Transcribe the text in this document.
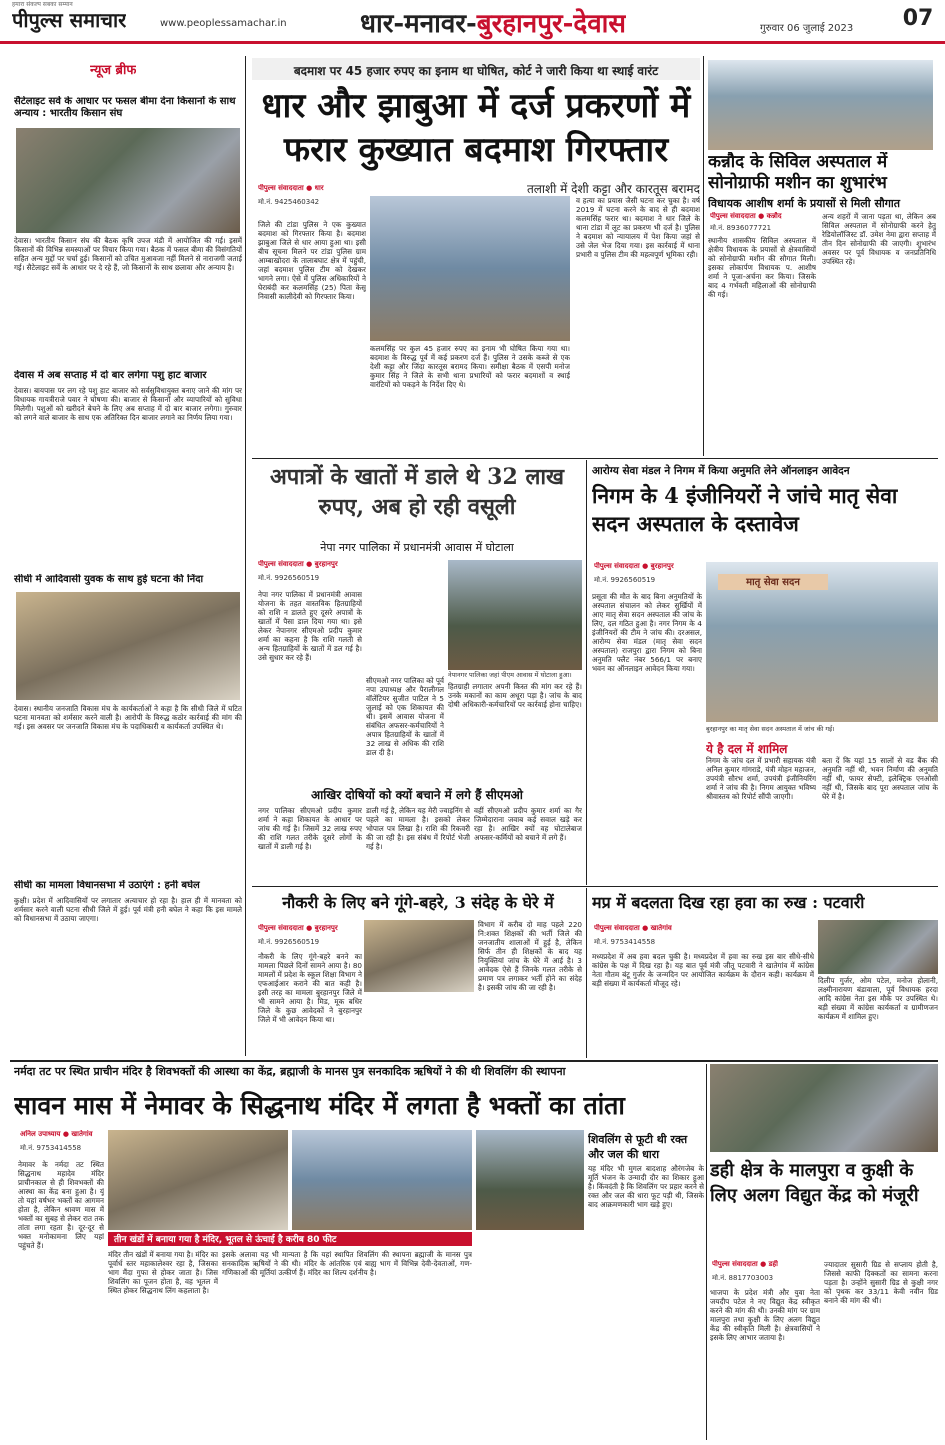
हमारा संकल्प सबका सम्मान
पीपुल्स समाचार	www.peoplessamachar.in	धार-मनावर-बुरहानपुर-देवास	गुरुवार 06 जुलाई 2023 07
न्यूज ब्रीफ
सैटेलाइट सर्वे के आधार पर फसल बीमा देना किसानों के साथ अन्याय : भारतीय किसान संघ
देवास। भारतीय किसान संघ की बैठक कृषि उपज मंडी में आयोजित की गई। इसमें किसानों की विभिन्न समस्याओं पर विचार किया गया। बैठक में फसल बीमा की विसंगतियों सहित अन्य मुद्दों पर चर्चा हुई। किसानों को उचित मुआवजा नहीं मिलने से नाराजगी जताई गई। सैटेलाइट सर्वे के आधार पर दे रहे हैं, जो किसानों के साथ छलावा और अन्याय है।
देवास में अब सप्ताह में दो बार लगेगा पशु हाट बाजार
देवास। बायपास पर लग रहे पशु हाट बाजार को सर्वसुविधायुक्त बनाए जाने की मांग पर विधायक गायत्रीराजे पवार ने घोषणा की। बाजार से किसानों और व्यापारियों को सुविधा मिलेगी। पशुओं को खरीदने बेचने के लिए अब सप्ताह में दो बार बाजार लगेगा। गुरुवार को लगने वाले बाजार के साथ एक अतिरिक्त दिन बाजार लगाने का निर्णय लिया गया।
सीधी में आदिवासी युवक के साथ हुई घटना की निंदा
देवास। स्थानीय जनजाति विकास मंच के कार्यकर्ताओं ने कहा है कि सीधी जिले में घटित घटना मानवता को शर्मसार करने वाली है। आरोपी के विरुद्ध कठोर कार्रवाई की मांग की गई। इस अवसर पर जनजाति विकास मंच के पदाधिकारी व कार्यकर्ता उपस्थित थे।
सीधी का मामला विधानसभा में उठाएंगे : हनी बघेल
कुक्षी। प्रदेश में आदिवासियों पर लगातार अत्याचार हो रहा है। हाल ही में मानवता को शर्मसार करने वाली घटना सीधी जिले में हुई। पूर्व मंत्री हनी बघेल ने कहा कि इस मामले को विधानसभा में उठाया जाएगा।
बदमाश पर 45 हजार रुपए का इनाम था घोषित, कोर्ट ने जारी किया था स्थाई वारंट
धार और झाबुआ में दर्ज प्रकरणों में फरार कुख्यात बदमाश गिरफ्तार
तलाशी में देशी कट्टा और कारतूस बरामद
पीपुल्स संवाददाता ● धार
मो.नं. 9425460342
जिले की टांडा पुलिस ने एक कुख्यात बदमाश को गिरफ्तार किया है। बदमाश झाबुआ जिले से धार आया हुआ था। इसी बीच सूचना मिलने पर टांडा पुलिस ग्राम आम्बाखोदरा के तालाबघाट क्षेत्र में पहुंची, जहां बदमाश पुलिस टीम को देखकर भागने लगा। ऐसे में पुलिस अधिकारियों ने घेराबंदी कर कलमसिंह (25) पिता केसू निवासी कालीदेवी को गिरफ्तार किया।
कलमसिंह पर कुल 45 हजार रुपए का इनाम भी घोषित किया गया था। बदमाश के विरुद्ध पूर्व में कई प्रकरण दर्ज हैं। पुलिस ने उसके कब्जे से एक देशी कट्टा और जिंदा कारतूस बरामद किया। समीक्षा बैठक में एसपी मनोज कुमार सिंह ने जिले के सभी थाना प्रभारियों को फरार बदमाशों व स्थाई वारंटियों को पकड़ने के निर्देश दिए थे।
व हत्या का प्रयास जैसी घटना कर चुका है। वर्ष 2019 में घटना करने के बाद से ही बदमाश कलमसिंह फरार था। बदमाश ने धार जिले के थाना टांडा में लूट का प्रकरण भी दर्ज है। पुलिस ने बदमाश को न्यायालय में पेश किया जहां से उसे जेल भेज दिया गया। इस कार्रवाई में थाना प्रभारी व पुलिस टीम की महत्वपूर्ण भूमिका रही।
कन्नौद के सिविल अस्पताल में सोनोग्राफी मशीन का शुभारंभ
विधायक आशीष शर्मा के प्रयासों से मिली सौगात
पीपुल्स संवाददाता ● कन्नौद
मो.नं. 8936077721
स्थानीय शासकीय सिविल अस्पताल में क्षेत्रीय विधायक के प्रयासों से क्षेत्रवासियों को सोनोग्राफी मशीन की सौगात मिली। इसका लोकार्पण विधायक प. आशीष शर्मा ने पूजा-अर्चना कर किया। जिसके बाद 4 गर्भवती महिलाओं की सोनोग्राफी की गई।
अन्य शहरों में जाना पड़ता था, लेकिन अब सिविल अस्पताल में सोनोग्राफी करने हेतु रेडियोलॉजिस्ट डॉ. उमेश नेमा द्वारा सप्ताह में तीन दिन सोनोग्राफी की जाएगी। शुभारंभ अवसर पर पूर्व विधायक व जनप्रतिनिधि उपस्थित रहे।
अपात्रों के खातों में डाले थे 32 लाख रुपए, अब हो रही वसूली
नेपा नगर पालिका में प्रधानमंत्री आवास में घोटाला
पीपुल्स संवाददाता ● बुरहानपुर
मो.नं. 9926560519
नेपा नगर पालिका में प्रधानमंत्री आवास योजना के तहत वास्तविक हितग्राहियों को राशि न डालते हुए दूसरे अपात्रों के खातों में पैसा डाल दिया गया था। इसे लेकर नेपानगर सीएमओ प्रदीप कुमार शर्मा का कहना है कि राशि गलती से अन्य हितग्राहियों के खातों में डल गई है। उसे सुधार कर रहे हैं।
सीएमओ नगर पालिका को पूर्व नपा उपाध्यक्ष और पैरालीगल वॉलेंटियर सुजीत पाटिल ने 5 जुलाई को एक शिकायत की थी। इसमें आवास योजना में संबंधित अफसर-कर्मचारियों ने अपात्र हितग्राहियों के खातों में 32 लाख से अधिक की राशि डाल दी है।
नेपानगर पालिका जहां पीएम आवास में घोटाला हुआ।
हितग्राही लगातार अपनी किस्त की मांग कर रहे हैं। उनके मकानों का काम अधूरा पड़ा है। जांच के बाद दोषी अधिकारी-कर्मचारियों पर कार्रवाई होना चाहिए।
आखिर दोषियों को क्यों बचाने में लगे हैं सीएमओ
नगर पालिका सीएमओ प्रदीप कुमार शर्मा ने कहा शिकायत के आधार पर जांच की गई है। जिसमें 32 लाख रुपए की राशि गलत तरीके दूसरे लोगों के खातों में डाली गई है।
डाली गई है, लेकिन यह मेरी ज्वाइनिंग से पहले का मामला है। इसको लेकर भोपाल पत्र लिखा है। राशि की रिकवरी की जा रही है। इस संबंध में रिपोर्ट भेजी गई है।
वहीं सीएमओ प्रदीप कुमार शर्मा का गैर जिम्मेदाराना जवाब कई सवाल खड़े कर रहा है। आखिर क्यों वह घोटालेबाज अफसर-कर्मियों को बचाने में लगे हैं।
आरोग्य सेवा मंडल ने निगम में किया अनुमति लेने ऑनलाइन आवेदन
निगम के 4 इंजीनियरों ने जांचे मातृ सेवा सदन अस्पताल के दस्तावेज
पीपुल्स संवाददाता ● बुरहानपुर
मो.नं. 9926560519
प्रसूता की मौत के बाद बिना अनुमतियों के अस्पताल संचालन को लेकर सुर्खियों में आए मातृ सेवा सदन अस्पताल की जांच के लिए, दल गठित हुआ है। नगर निगम के 4 इंजीनियरों की टीम ने जांच की। दरअसल, आरोग्य सेवा मंडल (मातृ सेवा सदन अस्पताल) राजपुरा द्वारा निगम को बिना अनुमति फ्लैट नंबर 566/1 पर बनाए भवन का ऑनलाइन आवेदन किया गया।
मातृ सेवा सदन
बुरहानपुर का मातृ सेवा सदन अस्पताल में जांच की गई।
ये है दल में शामिल
निगम के जांच दल में प्रभारी सहायक यंत्री अनिल कुमार गांगराडे, यंत्री मोहन महाजन, उपयंत्री सौरभ शर्मा, उपयंत्री इंजीनियरिंग शर्मा ने जांच की है। निगम आयुक्त भविष्य श्रीवास्तव को रिपोर्ट सौंपी जाएगी।
बता दें कि यहां 15 सालों से वड बैंक की अनुमति नहीं थी, भवन निर्माण की अनुमति नहीं थी, फायर सेफ्टी, इलेक्ट्रिक एनओसी नहीं थी, जिसके बाद पूरा अस्पताल जांच के घेरे में है।
नौकरी के लिए बने गूंगे-बहरे, 3 संदेह के घेरे में
पीपुल्स संवाददाता ● बुरहानपुर
मो.नं. 9926560519
नौकरी के लिए गूंगे-बहरे बनने का मामला पिछले दिनों सामने आया है। 80 मामलों में प्रदेश के स्कूल शिक्षा विभाग ने एफआईआर कराने की बात कही है। इसी तरह का मामला बुरहानपुर जिले में भी सामने आया है। मिड, मूक बधिर जिले के कुछ आवेदकों ने बुरहानपुर जिले में भी आवेदन किया था।
विभाग में करीब दो माह पहले 220 नि:शक्त शिक्षकों की भर्ती जिले की जनजातीय शालाओं में हुई है, लेकिन सिर्फ तीन ही शिक्षकों के बाद यह नियुक्तियां जांच के घेरे में आई है। 3 आवेदक ऐसे हैं जिनके गलत तरीके से प्रमाण पत्र लगाकर भर्ती होने का संदेह है। इसकी जांच की जा रही है।
मप्र में बदलता दिख रहा हवा का रुख : पटवारी
पीपुल्स संवाददाता ● खातेगांव
मो.नं. 9753414558
मध्यप्रदेश में अब हवा बदल चुकी है। मध्यप्रदेश में हवा का रुख इस बार सीधे-सीधे कांग्रेस के पक्ष में दिख रहा है। यह बात पूर्व मंत्री जीतू पटवारी ने खातेगांव में कांग्रेस नेता गौतम बंटू गुर्जर के जन्मदिन पर आयोजित कार्यक्रम के दौरान कही। कार्यक्रम में बड़ी संख्या में कार्यकर्ता मौजूद रहे।	दिलीप गुर्जर, ओम पटेल, मनोज होलानी, लक्ष्मीनारायण बंडावाला, पूर्व विधायक हरदा आदि कांग्रेस नेता इस मौके पर उपस्थित थे। बड़ी संख्या में कांग्रेस कार्यकर्ता व ग्रामीणजन कार्यक्रम में शामिल हुए।
नर्मदा तट पर स्थित प्राचीन मंदिर है शिवभक्तों की आस्था का केंद्र, ब्रह्माजी के मानस पुत्र सनकादिक ऋषियों ने की थी शिवलिंग की स्थापना
सावन मास में नेमावर के सिद्धनाथ मंदिर में लगता है भक्तों का तांता
अनिल उपाध्याय ● खातेगांव
मो.नं. 9753414558
नेमावर के नर्मदा तट स्थित सिद्धनाथ महादेव मंदिर प्राचीनकाल से ही शिवभक्तों की आस्था का केंद्र बना हुआ है। यूं तो यहां वर्षभर भक्तों का आगमन होता है, लेकिन श्रावण मास में भक्तों का सुबह से लेकर रात तक तांता लगा रहता है। दूर-दूर से भक्त मनोकामना लिए यहां पहुंचते हैं।
तीन खंडों में बनाया गया है मंदिर, भूतल से ऊंचाई है करीब 80 फीट
मंदिर तीन खंडों में बनाया गया है। मंदिर का पूर्वार्ध स्तर महाकालेश्वर रहा है, जिसका भाग मैंदा गुफा से होकर जाता है। जिस शिवलिंग का पूजन होता है, वह भूतल में स्थित होकर सिद्धनाथ लिंग कहलाता है।
इसके अलावा यह भी मान्यता है कि यहां स्थापित शिवलिंग की स्थापना ब्रह्माजी के मानस पुत्र सनकादिक ऋषियों ने की थी। मंदिर के आंतरिक एवं बाह्य भाग में विभिन्न देवी-देवताओं, गण-गणिकाओं की मूर्तियां उत्कीर्ण हैं। मंदिर का शिल्प दर्शनीय है।
शिवलिंग से फूटी थी रक्त और जल की धारा
यह मंदिर भी मुगल बादशाह औरंगजेब के मूर्ति भंजन के उन्मादी दौर का शिकार हुआ है। किंवदंती है कि शिवलिंग पर प्रहार करने से रक्त और जल की धारा फूट पड़ी थी, जिसके बाद आक्रमणकारी भाग खड़े हुए।
डही क्षेत्र के मालपुरा व कुक्षी के लिए अलग विद्युत केंद्र को मंजूरी
पीपुल्स संवाददाता ● डही
मो.नं. 8817703003
भाजपा के प्रदेश मंत्री और युवा नेता जयदीप पटेल ने नए विद्युत केंद्र स्वीकृत करने की मांग की थी। उनकी मांग पर ग्राम मालपुरा तथा कुक्षी के लिए अलग विद्युत केंद्र की स्वीकृति मिली है। क्षेत्रवासियों ने इसके लिए आभार जताया है।
ज्यादातर सुसारी ग्रिड से सप्लाय होती है, जिससे काफी दिक्कतों का सामना करना पड़ता है। उन्होंने सुसारी ग्रिड से कुक्षी नगर को पृथक कर 33/11 केवी नवीन ग्रिड बनाने की मांग की थी।
